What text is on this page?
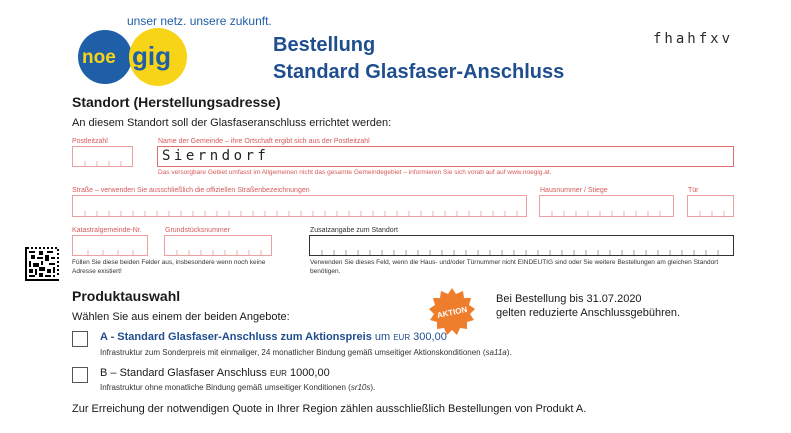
unser netz. unsere zukunft.
noe gig	Bestellung
Standard Glasfaser-Anschluss
fhahfxv
Standort (Herstellungsadresse)
An diesem Standort soll der Glasfaseranschluss errichtet werden:
Postleitzahl	Name der Gemeinde – ihre Ortschaft ergibt sich aus der Postleitzahl
Sierndorf
Das versorgbare Gebiet umfasst im Allgemeinen nicht das gesamte Gemeindegebiet – informieren Sie sich vorab auf auf www.noegig.at.
Straße – verwenden Sie ausschließlich die offiziellen Straßenbezeichnungen	Hausnummer / Stiege	Tür
Katastralgemeinde-Nr.	Grundstücksnummer	Zusatzangabe zum Standort
Füllen Sie diese beiden Felder aus, insbesondere wenn noch keine Adresse existiert!
Verwenden Sie dieses Feld, wenn die Haus- und/oder Türnummer nicht EINDEUTIG sind oder Sie weitere Bestellungen am gleichen Standort benötigen.
Produktauswahl
Wählen Sie aus einem der beiden Angebote:	AKTION
Bei Bestellung bis 31.07.2020
gelten reduzierte Anschlussgebühren.
A - Standard Glasfaser-Anschluss zum Aktionspreis um EUR 300,00
Infrastruktur zum Sonderpreis mit einmaliger, 24 monatlicher Bindung gemäß umseitiger Aktionskonditionen (sa11a).
B – Standard Glasfaser Anschluss EUR 1000,00
Infrastruktur ohne monatliche Bindung gemäß umseitiger Konditionen (sr10s).
Zur Erreichung der notwendigen Quote in Ihrer Region zählen ausschließlich Bestellungen von Produkt A.
